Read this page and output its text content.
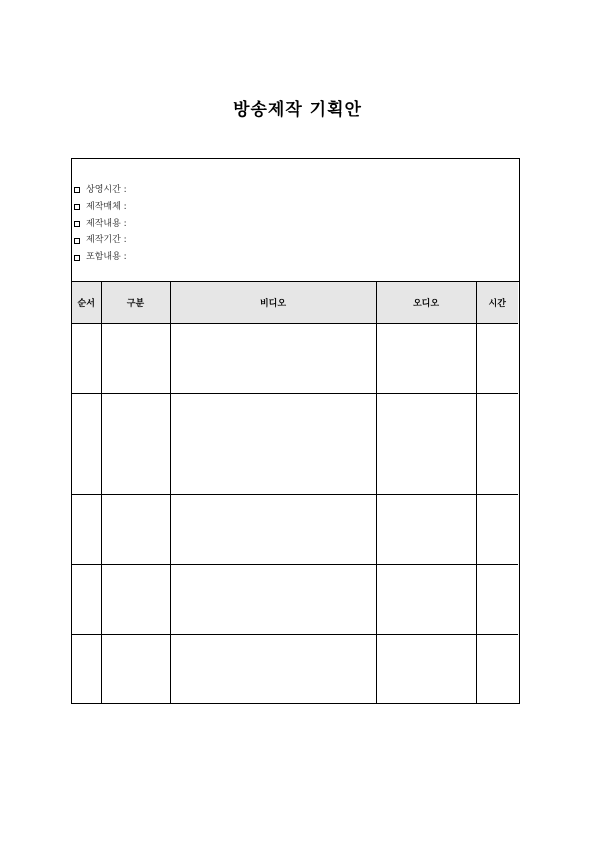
방송제작 기획안
상영시간 :
제작매체 :
제작내용 :
제작기간 :
포함내용 :
순서	구분	비디오	오디오	시간
